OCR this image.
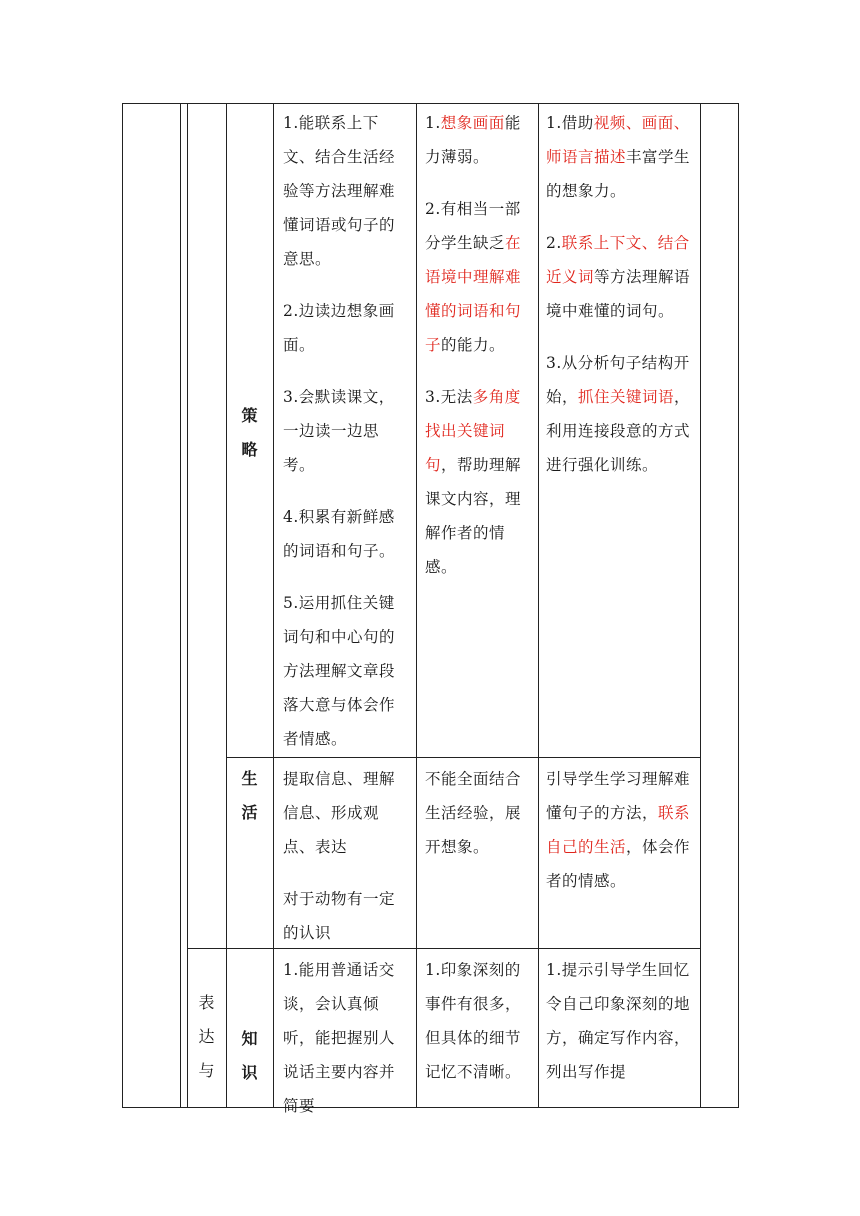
策
略
生
活
表
达
与
知
识

1.能联系上下文、结合生活经验等方法理解难懂词语或句子的意思。

2.边读边想象画面。

3.会默读课文，一边读一边思考。

4.积累有新鲜感的词语和句子。

5.运用抓住关键词句和中心句的方法理解文章段落大意与体会作者情感。

1.想象画面能力薄弱。

2.有相当一部分学生缺乏在语境中理解难懂的词语和句子的能力。

3.无法多角度找出关键词句，帮助理解课文内容，理解作者的情感。

1.借助视频、画面、师语言描述丰富学生的想象力。

2.联系上下文、结合近义词等方法理解语境中难懂的词句。

3.从分析句子结构开始，抓住关键词语，利用连接段意的方式进行强化训练。

提取信息、理解信息、形成观点、表达

对于动物有一定的认识

不能全面结合生活经验，展开想象。

引导学生学习理解难懂句子的方法，联系自己的生活，体会作者的情感。

1.能用普通话交谈，会认真倾听，能把握别人说话主要内容并简要

1.印象深刻的事件有很多，但具体的细节记忆不清晰。

1.提示引导学生回忆令自己印象深刻的地方，确定写作内容，列出写作提
